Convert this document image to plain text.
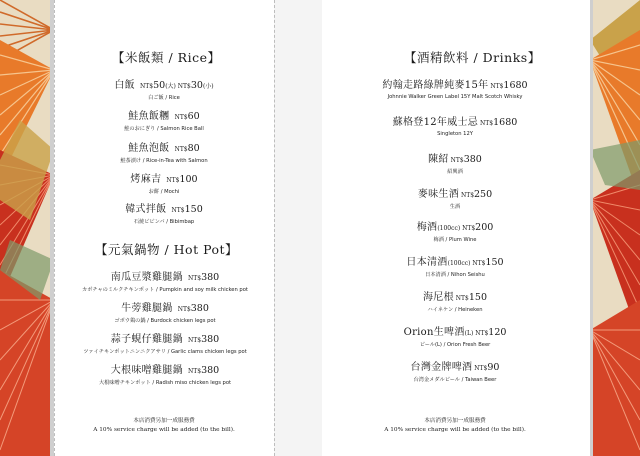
【米飯類 / Rice】
白飯 NT$50(大) NT$30(小)
白ご飯 / Rice
鮭魚飯糰 NT$60
鮭のおにぎり / Salmon Rice Ball
鮭魚泡飯 NT$80
鮭茶漬け / Rice-in-Tea with Salmon
烤麻吉 NT$100
お餅 / Mochi
韓式拌飯 NT$150
石焼ビビンバ / Bibimbap
【元氣鍋物 / Hot Pot】
南瓜豆漿雞腿鍋 NT$380
カボチャのミルクチキンポット / Pumpkin and soy milk chicken pot
牛蒡雞腿鍋 NT$380
ゴボウ鶏の鍋 / Burdock chicken legs pot
蒜子蜆仔雞腿鍋 NT$380
ツァイチキンポットニンニクアサリ / Garlic clams chicken legs pot
大根味噌雞腿鍋 NT$380
大根味噌チキンポット / Radish miso chicken legs pot
本店消費另加一成服務費
A 10% service charge will be added (to the bill).
【酒精飲料 / Drinks】
約翰走路綠牌純麥15年 NT$1680
Johnnie Walker Green Label 15Y Malt Scotch Whisky
蘇格登12年威士忌 NT$1680
Singleton 12Y
陳紹 NT$380
紹興酒
麥味生酒 NT$250
生酒
梅酒(100cc) NT$200
梅酒 / Plum Wine
日本清酒(100cc) NT$150
日本清酒 / Nihon Seishu
海尼根 NT$150
ハイネケン / Heineken
Orion生啤酒(L) NT$120
ビール(L) / Orion Fresh Beer
台灣金牌啤酒 NT$90
台湾金メダルビール / Taiwan Beer
本店消費另加一成服務費
A 10% service charge will be added (to the bill).
